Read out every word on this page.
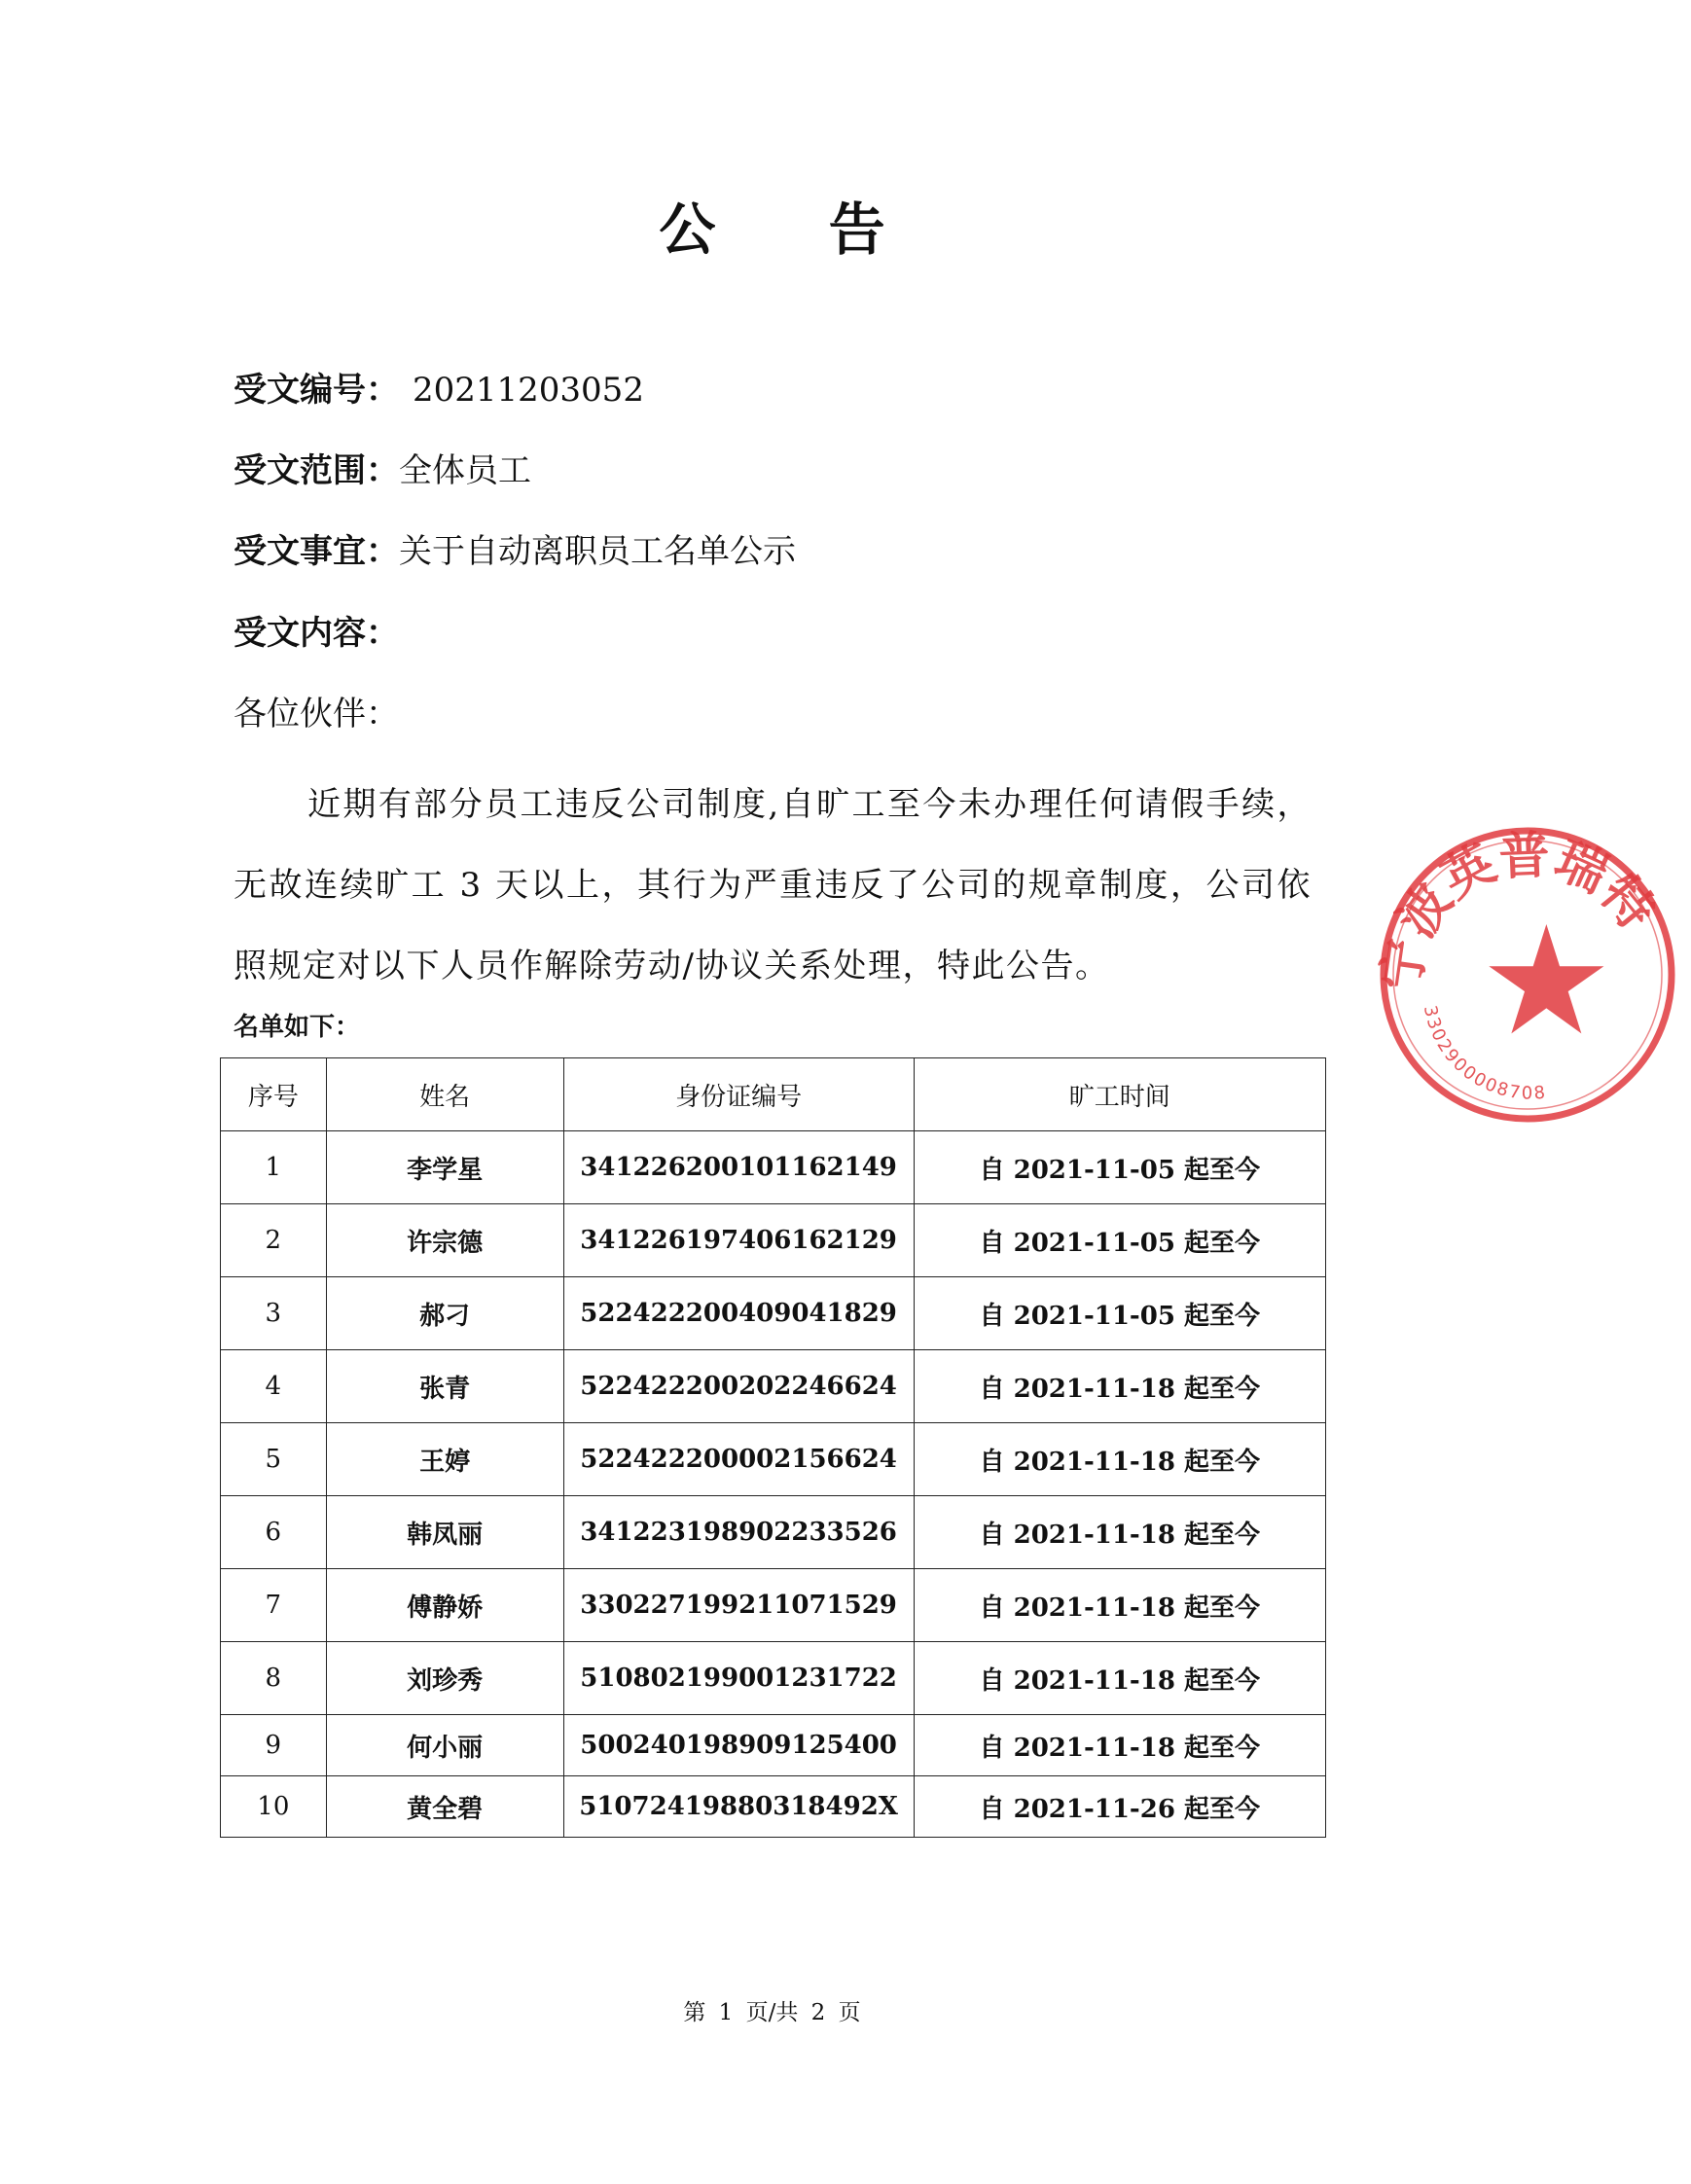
公 告
受文编号： 20211203052
受文范围：全体员工
受文事宜：关于自动离职员工名单公示
受文内容：
各位伙伴：

近期有部分员工违反公司制度,自旷工至今未办理任何请假手续，无故连续旷工 3 天以上，其行为严重违反了公司的规章制度，公司依照规定对以下人员作解除劳动/协议关系处理，特此公告。

名单如下：
序号	姓名	身份证编号	旷工时间
1	李学星	341226200101162149	自 2021-11-05 起至今
2	许宗德	341226197406162129	自 2021-11-05 起至今
3	郝刁	522422200409041829	自 2021-11-05 起至今
4	张青	522422200202246624	自 2021-11-18 起至今
5	王婷	522422200002156624	自 2021-11-18 起至今
6	韩凤丽	341223198902233526	自 2021-11-18 起至今
7	傅静娇	330227199211071529	自 2021-11-18 起至今
8	刘珍秀	510802199001231722	自 2021-11-18 起至今
9	何小丽	500240198909125400	自 2021-11-18 起至今
10	黄全碧	51072419880318492X	自 2021-11-26 起至今
宁波英普瑞特
3302900008708
第 1 页/共 2 页
